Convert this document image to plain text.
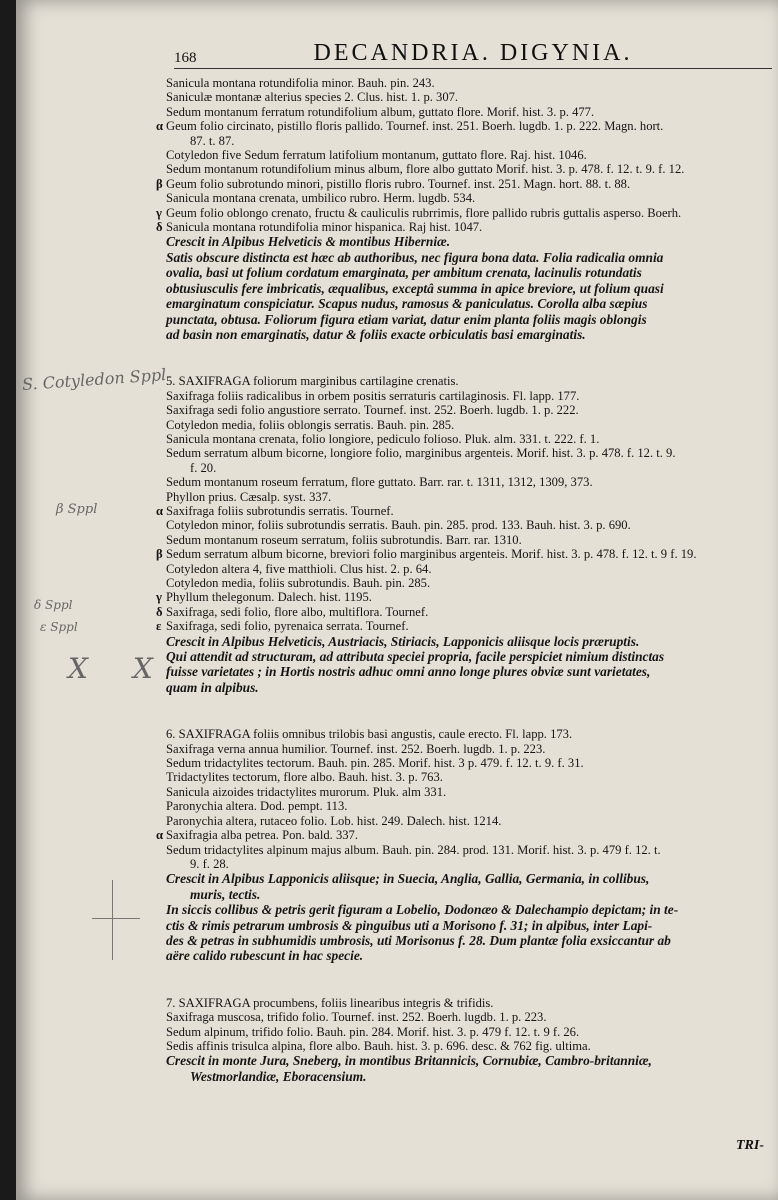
168	DECANDRIA. DIGYNIA.
Sanicula montana rotundifolia minor. Bauh. pin. 243.
Saniculæ montanæ alterius species 2. Clus. hist. 1. p. 307.
Sedum montanum ferratum rotundifolium album, guttato flore. Morif. hist. 3. p. 477.
α Geum folio circinato, pistillo floris pallido. Tournef. inst. 251. Boerh. lugdb. 1. p. 222. Magn. hort.
87. t. 87.
Cotyledon five Sedum ferratum latifolium montanum, guttato flore. Raj. hist. 1046.
Sedum montanum rotundifolium minus album, flore albo guttato Morif. hist. 3. p. 478. f. 12. t. 9. f. 12.
β Geum folio subrotundo minori, pistillo floris rubro. Tournef. inst. 251. Magn. hort. 88. t. 88.
Sanicula montana crenata, umbilico rubro. Herm. lugdb. 534.
γ Geum folio oblongo crenato, fructu & cauliculis rubrrimis, flore pallido rubris guttalis asperso. Boerh.
δ Sanicula montana rotundifolia minor hispanica. Raj hist. 1047.
Crescit in Alpibus Helveticis & montibus Hiberniæ.
Satis obscure distincta est hæc ab authoribus, nec figura bona data. Folia radicalia omnia
ovalia, basi ut folium cordatum emarginata, per ambitum crenata, lacinulis rotundatis
obtusiusculis fere imbricatis, æqualibus, exceptâ summa in apice breviore, ut folium quasi
emarginatum conspiciatur. Scapus nudus, ramosus & paniculatus. Corolla alba sæpius
punctata, obtusa. Foliorum figura etiam variat, datur enim planta foliis magis oblongis
ad basin non emarginatis, datur & foliis exacte orbiculatis basi emarginatis.
5. SAXIFRAGA foliorum marginibus cartilagine crenatis.
Saxifraga foliis radicalibus in orbem positis serraturis cartilaginosis. Fl. lapp. 177.
Saxifraga sedi folio angustiore serrato. Tournef. inst. 252. Boerh. lugdb. 1. p. 222.
Cotyledon media, foliis oblongis serratis. Bauh. pin. 285.
Sanicula montana crenata, folio longiore, pediculo folioso. Pluk. alm. 331. t. 222. f. 1.
Sedum serratum album bicorne, longiore folio, marginibus argenteis. Morif. hist. 3. p. 478. f. 12. t. 9.
f. 20.
Sedum montanum roseum ferratum, flore guttato. Barr. rar. t. 1311, 1312, 1309, 373.
Phyllon prius. Cæsalp. syst. 337.
α Saxifraga foliis subrotundis serratis. Tournef.
Cotyledon minor, foliis subrotundis serratis. Bauh. pin. 285. prod. 133. Bauh. hist. 3. p. 690.
Sedum montanum roseum serratum, foliis subrotundis. Barr. rar. 1310.
β Sedum serratum album bicorne, breviori folio marginibus argenteis. Morif. hist. 3. p. 478. f. 12. t. 9 f. 19.
Cotyledon altera 4, five matthioli. Clus hist. 2. p. 64.
Cotyledon media, foliis subrotundis. Bauh. pin. 285.
γ Phyllum thelegonum. Dalech. hist. 1195.
δ Saxifraga, sedi folio, flore albo, multiflora. Tournef.
ε Saxifraga, sedi folio, pyrenaica serrata. Tournef.
Crescit in Alpibus Helveticis, Austriacis, Stiriacis, Lapponicis aliisque locis præruptis.
Qui attendit ad structuram, ad attributa speciei propria, facile perspiciet nimium distinctas
fuisse varietates ; in Hortis nostris adhuc omni anno longe plures obviæ sunt varietates,
quam in alpibus.
6. SAXIFRAGA foliis omnibus trilobis basi angustis, caule erecto. Fl. lapp. 173.
Saxifraga verna annua humilior. Tournef. inst. 252. Boerh. lugdb. 1. p. 223.
Sedum tridactylites tectorum. Bauh. pin. 285. Morif. hist. 3 p. 479. f. 12. t. 9. f. 31.
Tridactylites tectorum, flore albo. Bauh. hist. 3. p. 763.
Sanicula aizoides tridactylites murorum. Pluk. alm 331.
Paronychia altera. Dod. pempt. 113.
Paronychia altera, rutaceo folio. Lob. hist. 249. Dalech. hist. 1214.
α Saxifragia alba petrea. Pon. bald. 337.
Sedum tridactylites alpinum majus album. Bauh. pin. 284. prod. 131. Morif. hist. 3. p. 479 f. 12. t.
9. f. 28.
Crescit in Alpibus Lapponicis aliisque; in Suecia, Anglia, Gallia, Germania, in collibus,
muris, tectis.
In siccis collibus & petris gerit figuram a Lobelio, Dodonæo & Dalechampio depictam; in te-
ctis & rimis petrarum umbrosis & pinguibus uti a Morisono f. 31; in alpibus, inter Lapi-
des & petras in subhumidis umbrosis, uti Morisonus f. 28. Dum plantæ folia exsiccantur ab
aëre calido rubescunt in hac specie.
7. SAXIFRAGA procumbens, foliis linearibus integris & trifidis.
Saxifraga muscosa, trifido folio. Tournef. inst. 252. Boerh. lugdb. 1. p. 223.
Sedum alpinum, trifido folio. Bauh. pin. 284. Morif. hist. 3. p. 479 f. 12. t. 9 f. 26.
Sedis affinis trisulca alpina, flore albo. Bauh. hist. 3. p. 696. desc. & 762 fig. ultima.
Crescit in monte Jura, Sneberg, in montibus Britannicis, Cornubiæ, Cambro-britanniæ,
Westmorlandiæ, Eboracensium.
S. Cotyledon Sppl
β Sppl
δ Sppl
ε Sppl
X X
TRI-
